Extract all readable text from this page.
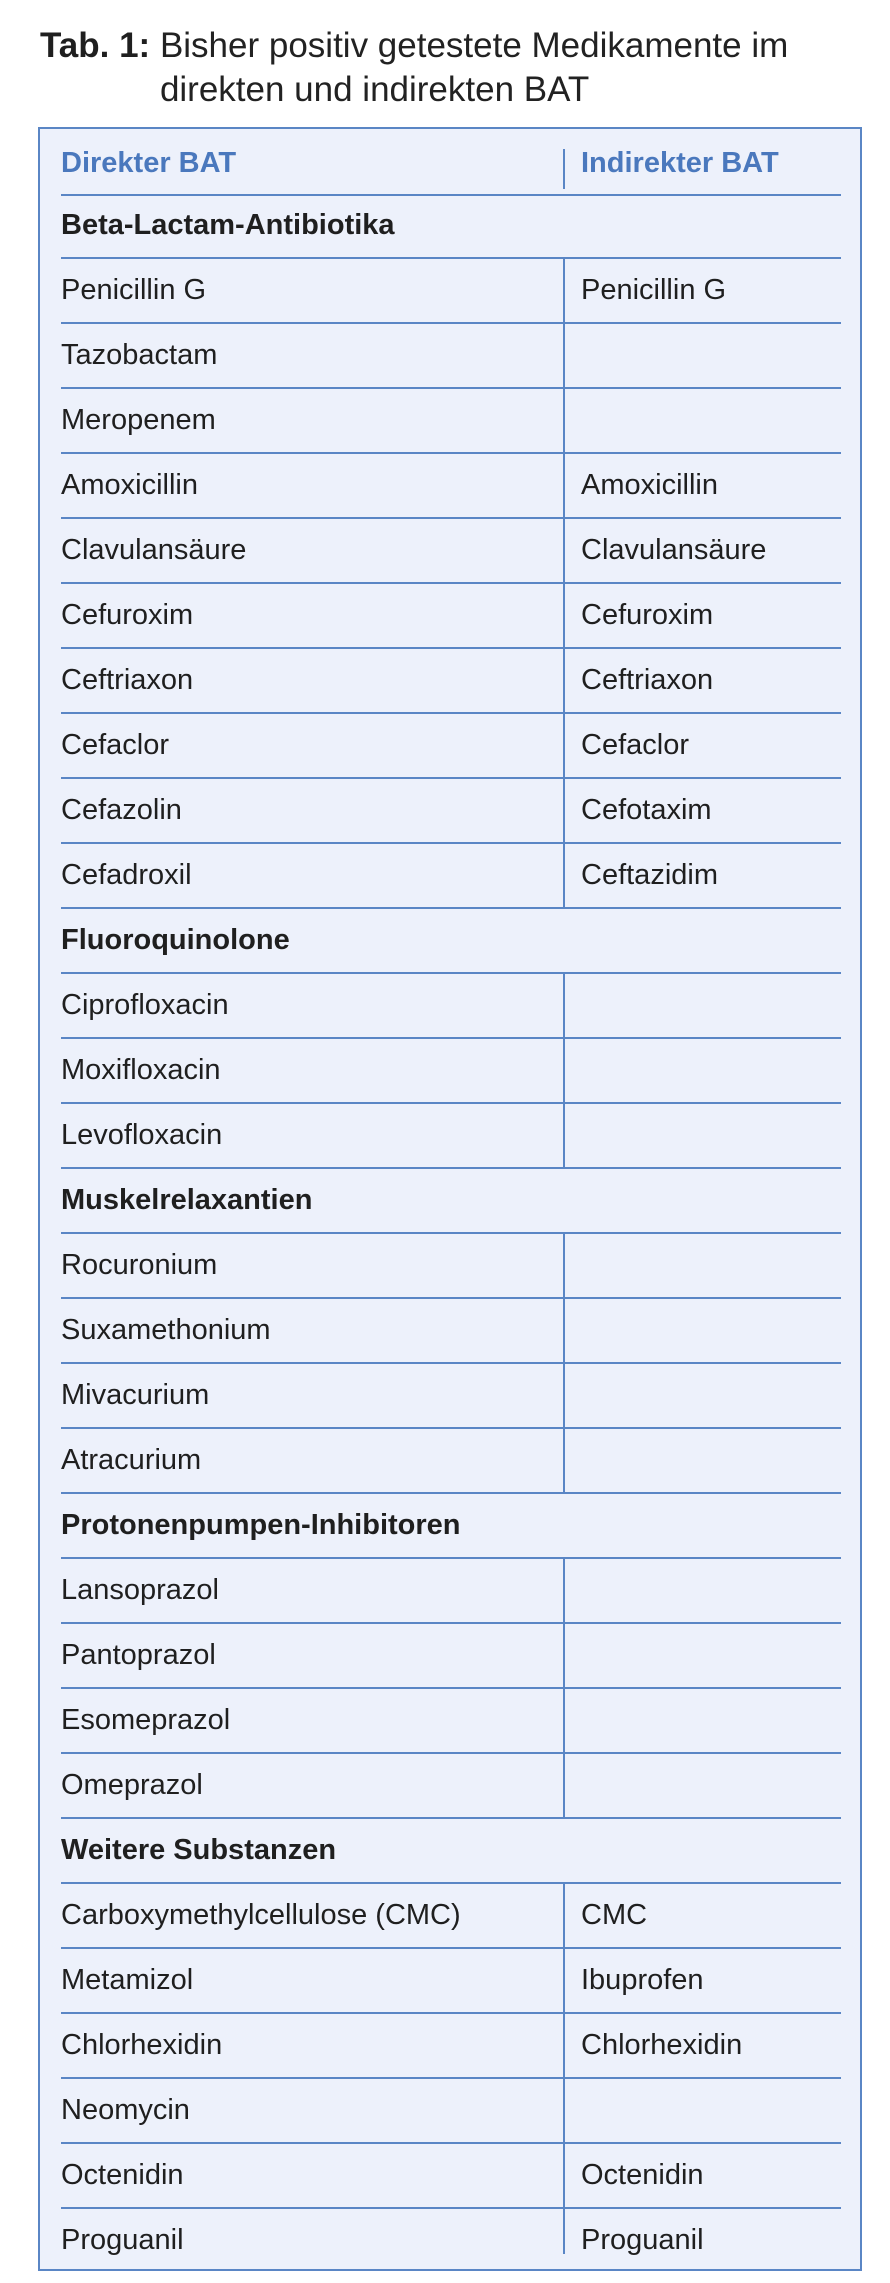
Tab. 1: Bisher positiv getestete Medikamente im direkten und indirekten BAT
Direkter BAT	Indirekter BAT
Beta-Lactam-Antibiotika
Penicillin G	Penicillin G
Tazobactam
Meropenem
Amoxicillin	Amoxicillin
Clavulansäure	Clavulansäure
Cefuroxim	Cefuroxim
Ceftriaxon	Ceftriaxon
Cefaclor	Cefaclor
Cefazolin	Cefotaxim
Cefadroxil	Ceftazidim
Fluoroquinolone
Ciprofloxacin
Moxifloxacin
Levofloxacin
Muskelrelaxantien
Rocuronium
Suxamethonium
Mivacurium
Atracurium
Protonenpumpen-Inhibitoren
Lansoprazol
Pantoprazol
Esomeprazol
Omeprazol
Weitere Substanzen
Carboxymethylcellulose (CMC)	CMC
Metamizol	Ibuprofen
Chlorhexidin	Chlorhexidin
Neomycin
Octenidin	Octenidin
Proguanil	Proguanil
